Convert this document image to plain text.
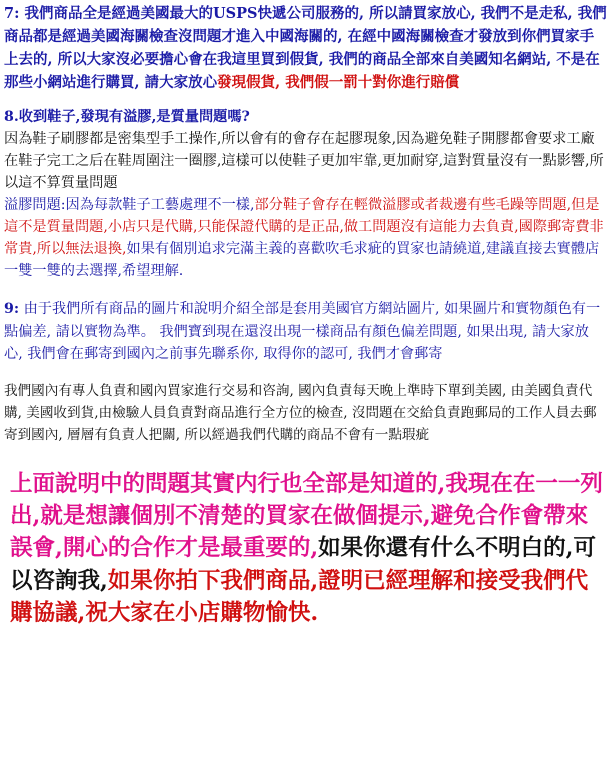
7: 我們商品全是經過美國最大的USPS快遞公司服務的, 所以請買家放心, 我們不是走私, 我們商品都是經過美國海關檢查沒問題才進入中國海關的, 在經中國海關檢查才發放到你們買家手上去的, 所以大家沒必要擔心會在我這里買到假貨, 我們的商品全部來自美國知名網站, 不是在那些小網站進行購買, 請大家放心發現假貨, 我們假一罰十對你進行賠償

8.收到鞋子,發現有溢膠,是質量問題嗎?
因為鞋子刷膠都是密集型手工操作,所以會有的會存在起膠現象,因為避免鞋子開膠都會要求工廠在鞋子完工之后在鞋周圍注一圈膠,這樣可以使鞋子更加牢靠,更加耐穿,這對質量沒有一點影響,所以這不算質量問題
溢膠問題:因為每款鞋子工藝處理不一樣,部分鞋子會存在輕微溢膠或者裁邊有些毛躁等問題,但是這不是質量問題,小店只是代購,只能保證代購的是正品,做工問題沒有這能力去負責,國際郵寄費非常貴,所以無法退換,如果有個別追求完滿主義的喜歡吹毛求疵的買家也請繞道,建議直接去實體店一雙一雙的去選擇,希望理解.

9: 由于我們所有商品的圖片和說明介紹全部是套用美國官方網站圖片, 如果圖片和實物顏色有一點偏差, 請以實物為準。 我們寶到現在還沒出現一樣商品有顏色偏差問題, 如果出現, 請大家放心, 我們會在郵寄到國內之前事先聯系你, 取得你的認可, 我們才會郵寄

我們國內有專人負責和國內買家進行交易和咨詢, 國內負責每天晚上準時下單到美國, 由美國負責代購, 美國收到貨,由檢驗人員負責對商品進行全方位的檢查, 沒問題在交給負責跑郵局的工作人員去郵寄到國內, 層層有負責人把關, 所以經過我們代購的商品不會有一點瑕疵

上面說明中的問題其實内行也全部是知道的,我現在在一一列出,就是想讓個別不清楚的買家在做個提示,避免合作會帶來誤會,開心的合作才是最重要的,如果你還有什么不明白的,可以咨詢我,如果你拍下我們商品,證明已經理解和接受我們代購協議,祝大家在小店購物愉快.
